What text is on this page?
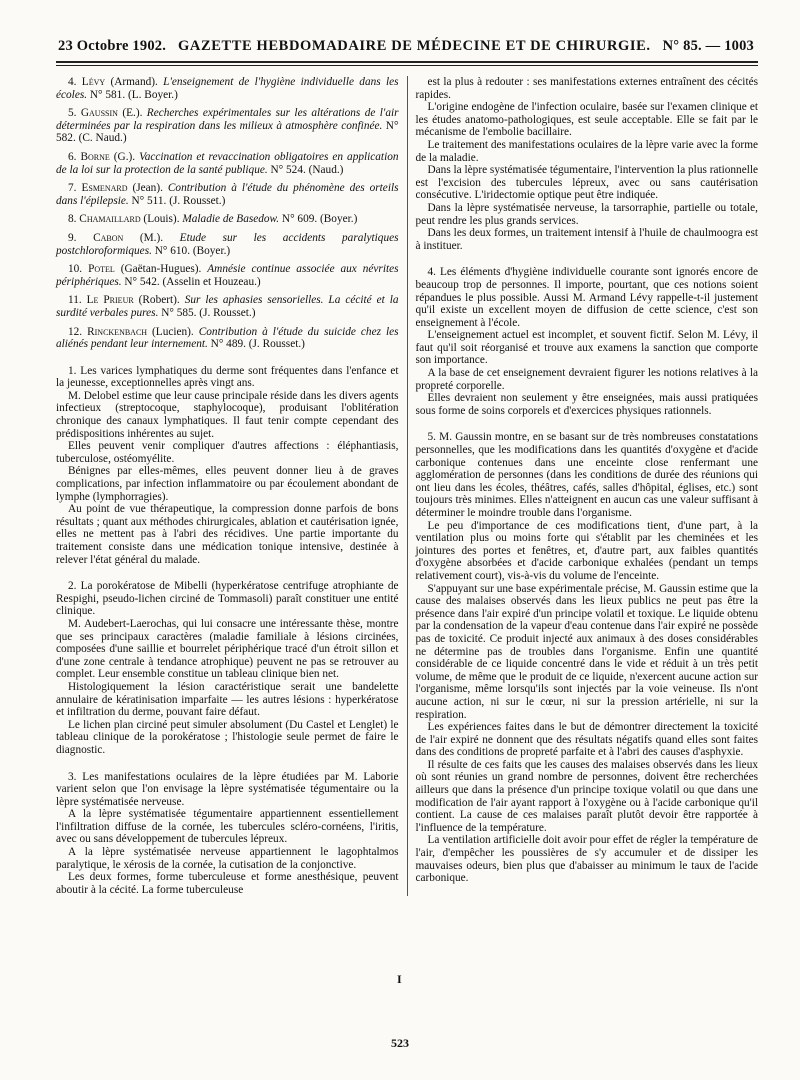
23 Octobre 1902. GAZETTE HEBDOMADAIRE DE MÉDECINE ET DE CHIRURGIE. N° 85. — 1003

4. Lévy (Armand). L'enseignement de l'hygiène individuelle dans les écoles. N° 581. (L. Boyer.)

5. Gaussin (E.). Recherches expérimentales sur les altérations de l'air déterminées par la respiration dans les milieux à atmosphère confinée. N° 582. (C. Naud.)

6. Borne (G.). Vaccination et revaccination obligatoires en application de la loi sur la protection de la santé publique. N° 524. (Naud.)

7. Esmenard (Jean). Contribution à l'étude du phénomène des orteils dans l'épilepsie. N° 511. (J. Rousset.)

8. Chamaillard (Louis). Maladie de Basedow. N° 609. (Boyer.)

9. Cabon (M.). Etude sur les accidents paralytiques postchloroformiques. N° 610. (Boyer.)

10. Potel (Gaëtan-Hugues). Amnésie continue associée aux névrites périphériques. N° 542. (Asselin et Houzeau.)

11. Le Prieur (Robert). Sur les aphasies sensorielles. La cécité et la surdité verbales pures. N° 585. (J. Rousset.)

12. Rinckenbach (Lucien). Contribution à l'étude du suicide chez les aliénés pendant leur internement. N° 489. (J. Rousset.)

1. Les varices lymphatiques du derme sont fréquentes dans l'enfance et la jeunesse, exceptionnelles après vingt ans.

M. Delobel estime que leur cause principale réside dans les divers agents infectieux (streptocoque, staphylocoque), produisant l'oblitération chronique des canaux lymphatiques. Il faut tenir compte cependant des prédispositions inhérentes au sujet.

Elles peuvent venir compliquer d'autres affections : éléphantiasis, tuberculose, ostéomyélite.

Bénignes par elles-mêmes, elles peuvent donner lieu à de graves complications, par infection inflammatoire ou par écoulement abondant de lymphe (lymphorragies).

Au point de vue thérapeutique, la compression donne parfois de bons résultats ; quant aux méthodes chirurgicales, ablation et cautérisation ignée, elles ne mettent pas à l'abri des récidives. Une partie importante du traitement consiste dans une médication tonique intensive, destinée à relever l'état général du malade.

2. La porokératose de Mibelli (hyperkératose centrifuge atrophiante de Respighi, pseudo-lichen circiné de Tommasoli) paraît constituer une entité clinique.

M. Audebert-Laerochas, qui lui consacre une intéressante thèse, montre que ses principaux caractères (maladie familiale à lésions circinées, composées d'une saillie et bourrelet périphérique tracé d'un étroit sillon et d'une zone centrale à tendance atrophique) peuvent ne pas se retrouver au complet. Leur ensemble constitue un tableau clinique bien net.

Histologiquement la lésion caractéristique serait une bandelette annulaire de kératinisation imparfaite — les autres lésions : hyperkératose et infiltration du derme, pouvant faire défaut.

Le lichen plan circiné peut simuler absolument (Du Castel et Lenglet) le tableau clinique de la porokératose ; l'histologie seule permet de faire le diagnostic.

3. Les manifestations oculaires de la lèpre étudiées par M. Laborie varient selon que l'on envisage la lèpre systématisée tégumentaire ou la lèpre systématisée nerveuse.

A la lèpre systématisée tégumentaire appartiennent essentiellement l'infiltration diffuse de la cornée, les tubercules scléro-cornéens, l'iritis, avec ou sans développement de tubercules lépreux.

A la lèpre systématisée nerveuse appartiennent le lagophtalmos paralytique, le xérosis de la cornée, la cutisation de la conjonctive.

Les deux formes, forme tuberculeuse et forme anesthésique, peuvent aboutir à la cécité. La forme tuberculeuse

est la plus à redouter : ses manifestations externes entraînent des cécités rapides.

L'origine endogène de l'infection oculaire, basée sur l'examen clinique et les études anatomo-pathologiques, est seule acceptable. Elle se fait par le mécanisme de l'embolie bacillaire.

Le traitement des manifestations oculaires de la lèpre varie avec la forme de la maladie.

Dans la lèpre systématisée tégumentaire, l'intervention la plus rationnelle est l'excision des tubercules lépreux, avec ou sans cautérisation consécutive. L'iridectomie optique peut être indiquée.

Dans la lèpre systématisée nerveuse, la tarsorraphie, partielle ou totale, peut rendre les plus grands services.

Dans les deux formes, un traitement intensif à l'huile de chaulmoogra est à instituer.

4. Les éléments d'hygiène individuelle courante sont ignorés encore de beaucoup trop de personnes. Il importe, pourtant, que ces notions soient répandues le plus possible. Aussi M. Armand Lévy rappelle-t-il justement qu'il existe un excellent moyen de diffusion de cette science, c'est son enseignement à l'école.

L'enseignement actuel est incomplet, et souvent fictif. Selon M. Lévy, il faut qu'il soit réorganisé et trouve aux examens la sanction que comporte son importance.

A la base de cet enseignement devraient figurer les notions relatives à la propreté corporelle.

Elles devraient non seulement y être enseignées, mais aussi pratiquées sous forme de soins corporels et d'exercices physiques rationnels.

5. M. Gaussin montre, en se basant sur de très nombreuses constatations personnelles, que les modifications dans les quantités d'oxygène et d'acide carbonique contenues dans une enceinte close renfermant une agglomération de personnes (dans les conditions de durée des réunions qui ont lieu dans les écoles, théâtres, cafés, salles d'hôpital, églises, etc.) sont toujours très minimes. Elles n'atteignent en aucun cas une valeur suffisant à déterminer le moindre trouble dans l'organisme.

Le peu d'importance de ces modifications tient, d'une part, à la ventilation plus ou moins forte qui s'établit par les cheminées et les jointures des portes et fenêtres, et, d'autre part, aux faibles quantités d'oxygène absorbées et d'acide carbonique exhalées (pendant un temps relativement court), vis-à-vis du volume de l'enceinte.

S'appuyant sur une base expérimentale précise, M. Gaussin estime que la cause des malaises observés dans les lieux publics ne peut pas être la présence dans l'air expiré d'un principe volatil et toxique. Le liquide obtenu par la condensation de la vapeur d'eau contenue dans l'air expiré ne possède pas de toxicité. Ce produit injecté aux animaux à des doses considérables ne détermine pas de troubles dans l'organisme. Enfin une quantité considérable de ce liquide concentré dans le vide et réduit à un très petit volume, de même que le produit de ce liquide, n'exercent aucune action sur l'organisme, même lorsqu'ils sont injectés par la voie veineuse. Ils n'ont aucune action, ni sur le cœur, ni sur la pression artérielle, ni sur la respiration.

Les expériences faites dans le but de démontrer directement la toxicité de l'air expiré ne donnent que des résultats négatifs quand elles sont faites dans des conditions de propreté parfaite et à l'abri des causes d'asphyxie.

Il résulte de ces faits que les causes des malaises observés dans les lieux où sont réunies un grand nombre de personnes, doivent être recherchées ailleurs que dans la présence d'un principe toxique volatil ou que dans une modification de l'air ayant rapport à l'oxygène ou à l'acide carbonique qu'il contient. La cause de ces malaises paraît plutôt devoir être rapportée à l'influence de la température.

La ventilation artificielle doit avoir pour effet de régler la température de l'air, d'empêcher les poussières de s'y accumuler et de dissiper les mauvaises odeurs, bien plus que d'abaisser au minimum le taux de l'acide carbonique.

I
523
